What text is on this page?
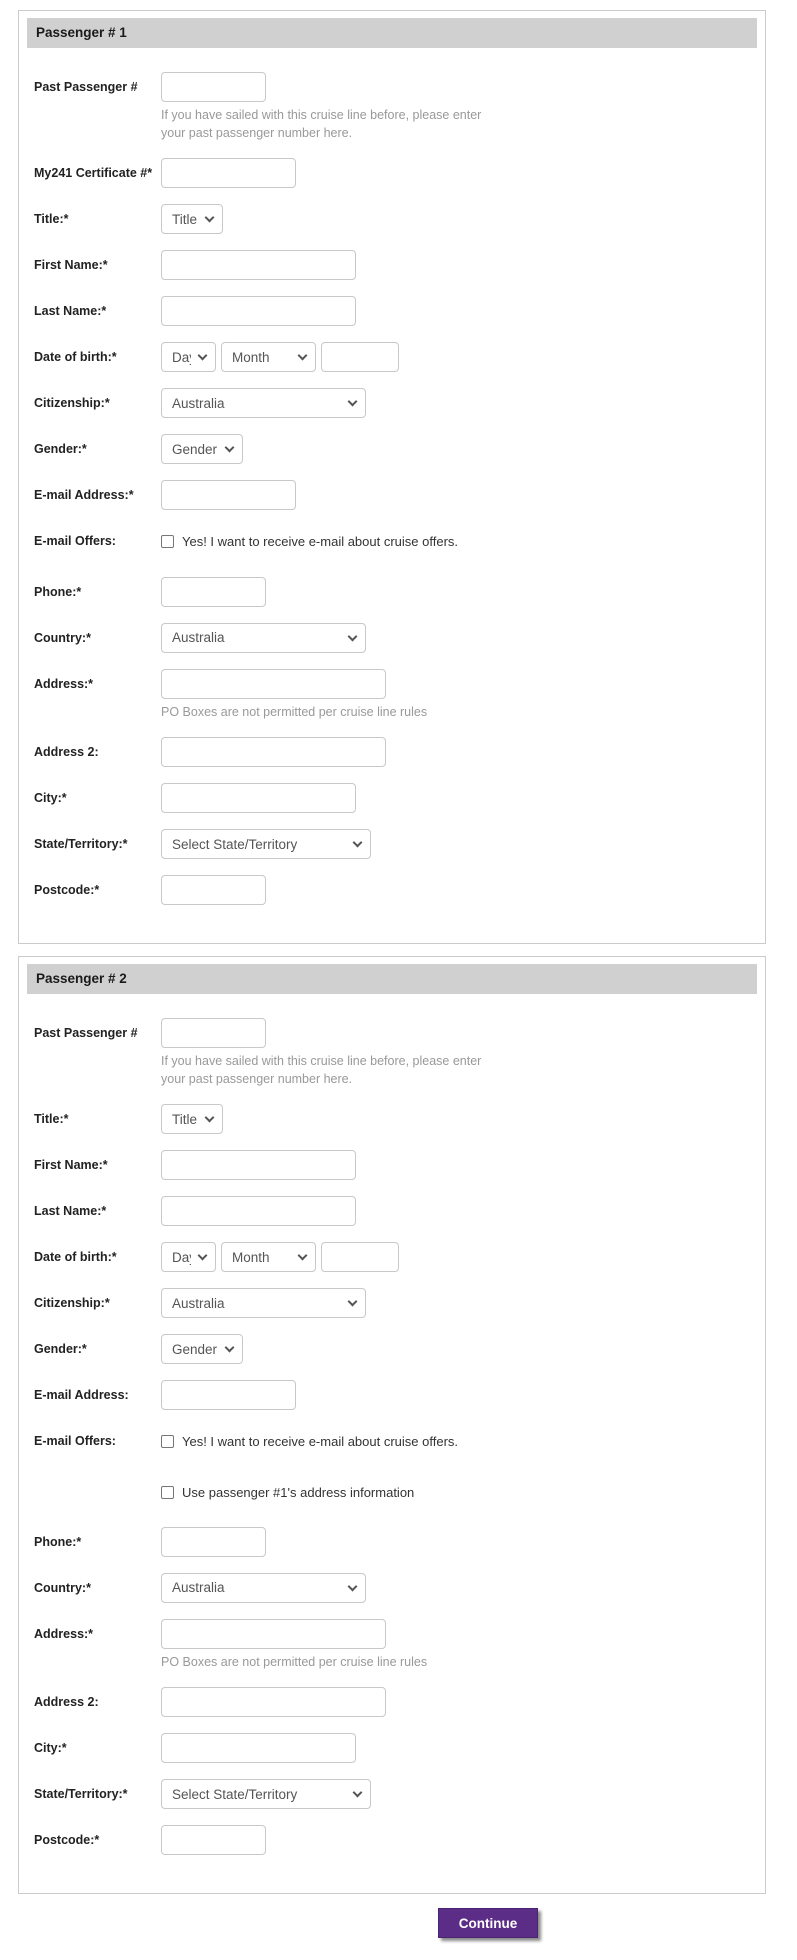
Passenger # 1
Past Passenger #
If you have sailed with this cruise line before, please enter your past passenger number here.
My241 Certificate #*
Title:*
Title
First Name:*
Last Name:*
Date of birth:*
Day
Month
Citizenship:*
Australia
Gender:*
Gender:
E-mail Address:*
E-mail Offers:	Yes! I want to receive e-mail about cruise offers.
Phone:*
Country:*
Australia
Address:*
PO Boxes are not permitted per cruise line rules
Address 2:
City:*
State/Territory:*
Select State/Territory
Postcode:*
Passenger # 2
Past Passenger #
If you have sailed with this cruise line before, please enter your past passenger number here.
Title:*
Title
First Name:*
Last Name:*
Date of birth:*
Day
Month
Citizenship:*
Australia
Gender:*
Gender:
E-mail Address:
E-mail Offers:	Yes! I want to receive e-mail about cruise offers.
Use passenger #1's address information
Phone:*
Country:*
Australia
Address:*
PO Boxes are not permitted per cruise line rules
Address 2:
City:*
State/Territory:*
Select State/Territory
Postcode:*
Continue
